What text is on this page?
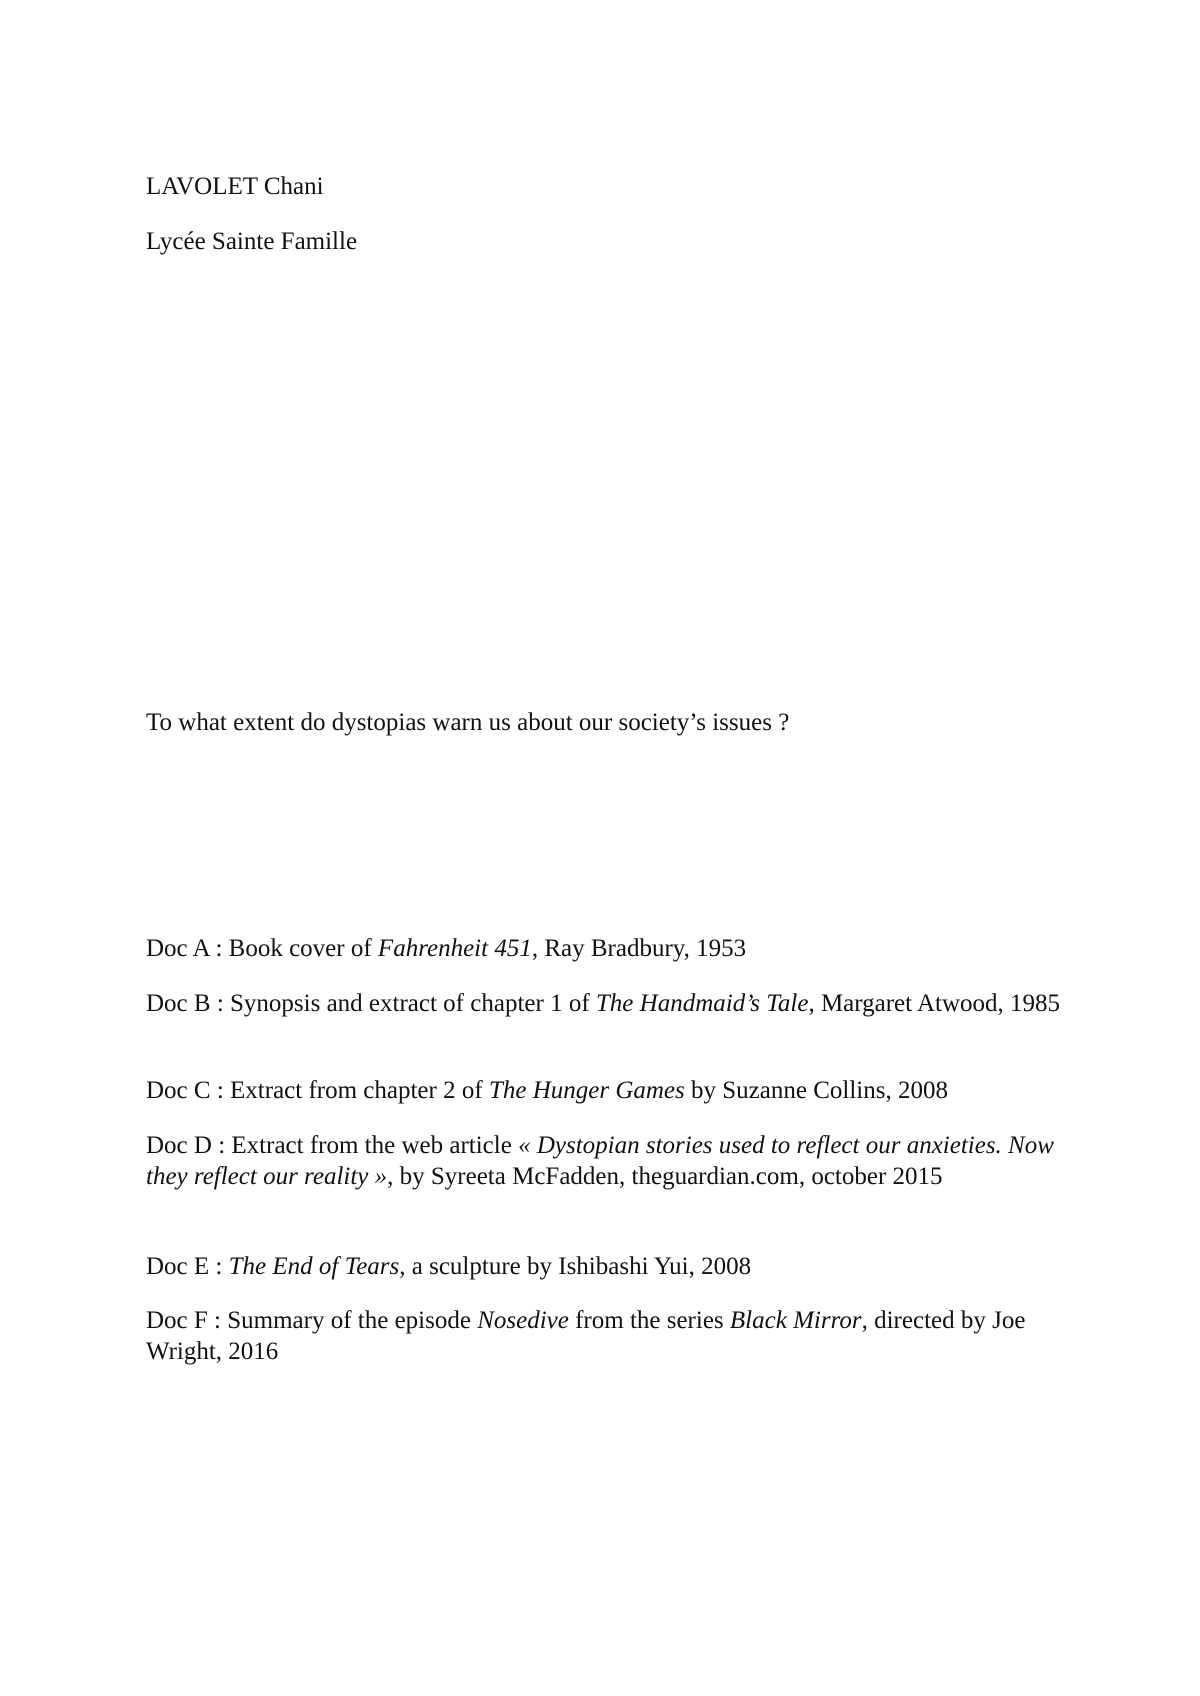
LAVOLET Chani

Lycée Sainte Famille

To what extent do dystopias warn us about our society’s issues ?

Doc A : Book cover of Fahrenheit 451, Ray Bradbury, 1953

Doc B : Synopsis and extract of chapter 1 of The Handmaid’s Tale, Margaret Atwood, 1985

Doc C : Extract from chapter 2 of The Hunger Games by Suzanne Collins, 2008

Doc D : Extract from the web article « Dystopian stories used to reflect our anxieties. Now they reflect our reality », by Syreeta McFadden, theguardian.com, october 2015

Doc E : The End of Tears, a sculpture by Ishibashi Yui, 2008

Doc F : Summary of the episode Nosedive from the series Black Mirror, directed by Joe Wright, 2016
